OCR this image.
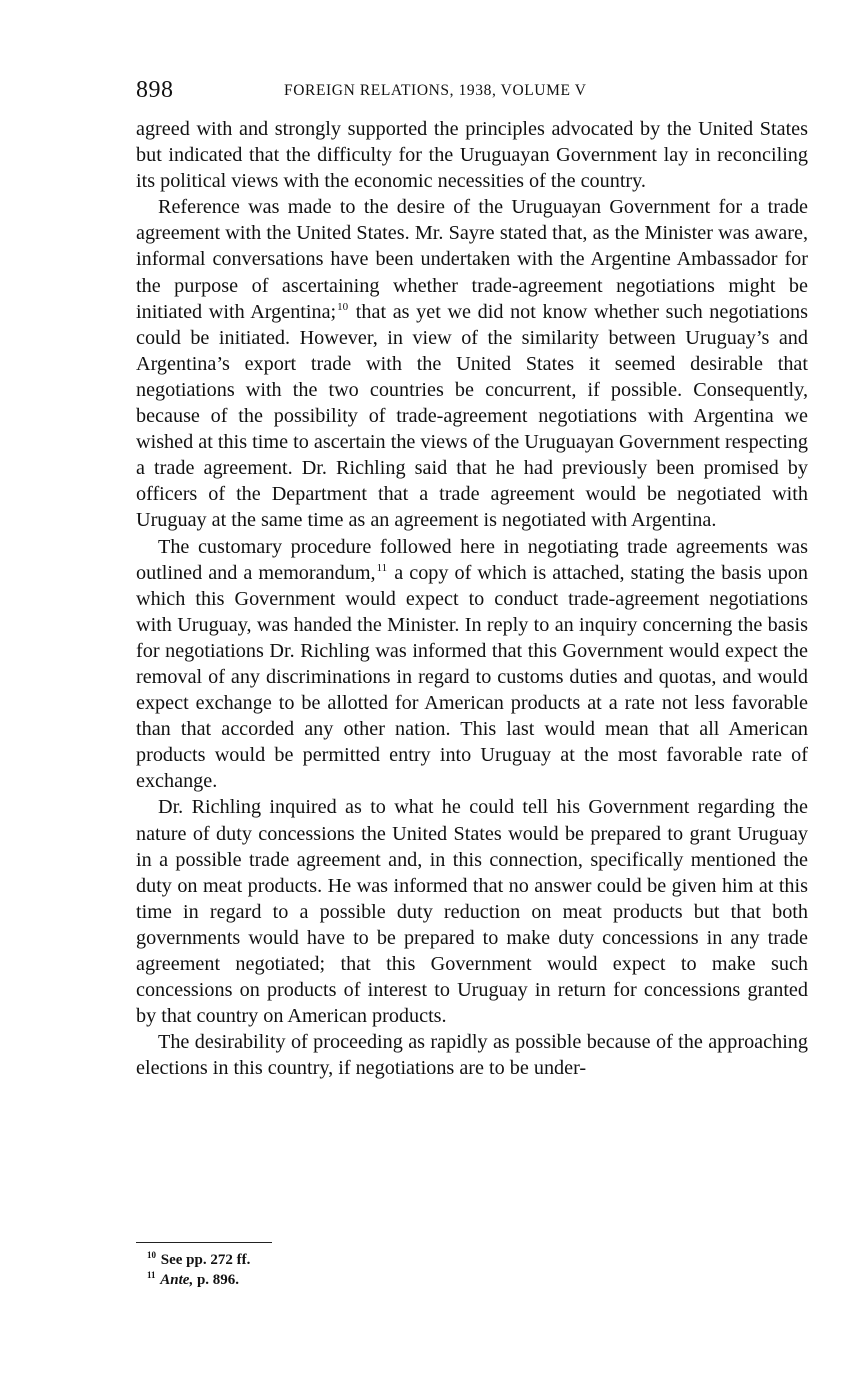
898	FOREIGN RELATIONS, 1938, VOLUME V

agreed with and strongly supported the principles advocated by the United States but indicated that the difficulty for the Uruguayan Government lay in reconciling its political views with the economic necessities of the country.

Reference was made to the desire of the Uruguayan Government for a trade agreement with the United States. Mr. Sayre stated that, as the Minister was aware, informal conversations have been undertaken with the Argentine Ambassador for the purpose of ascertaining whether trade-agreement negotiations might be initiated with Argentina;$^{10}$ that as yet we did not know whether such negotiations could be initiated. However, in view of the similarity between Uruguay’s and Argentina’s export trade with the United States it seemed desirable that negotiations with the two countries be concurrent, if possible. Consequently, because of the possibility of trade-agreement negotiations with Argentina we wished at this time to ascertain the views of the Uruguayan Government respecting a trade agreement. Dr. Richling said that he had previously been promised by officers of the Department that a trade agreement would be negotiated with Uruguay at the same time as an agreement is negotiated with Argentina.

The customary procedure followed here in negotiating trade agreements was outlined and a memorandum,$^{11}$ a copy of which is attached, stating the basis upon which this Government would expect to conduct trade-agreement negotiations with Uruguay, was handed the Minister. In reply to an inquiry concerning the basis for negotiations Dr. Richling was informed that this Government would expect the removal of any discriminations in regard to customs duties and quotas, and would expect exchange to be allotted for American products at a rate not less favorable than that accorded any other nation. This last would mean that all American products would be permitted entry into Uruguay at the most favorable rate of exchange.

Dr. Richling inquired as to what he could tell his Government regarding the nature of duty concessions the United States would be prepared to grant Uruguay in a possible trade agreement and, in this connection, specifically mentioned the duty on meat products. He was informed that no answer could be given him at this time in regard to a possible duty reduction on meat products but that both governments would have to be prepared to make duty concessions in any trade agreement negotiated; that this Government would expect to make such concessions on products of interest to Uruguay in return for concessions granted by that country on American products.

The desirability of proceeding as rapidly as possible because of the approaching elections in this country, if negotiations are to be under-

$^{10}$ See pp. 272 ff.

$^{11}$ Ante, p. 896.
